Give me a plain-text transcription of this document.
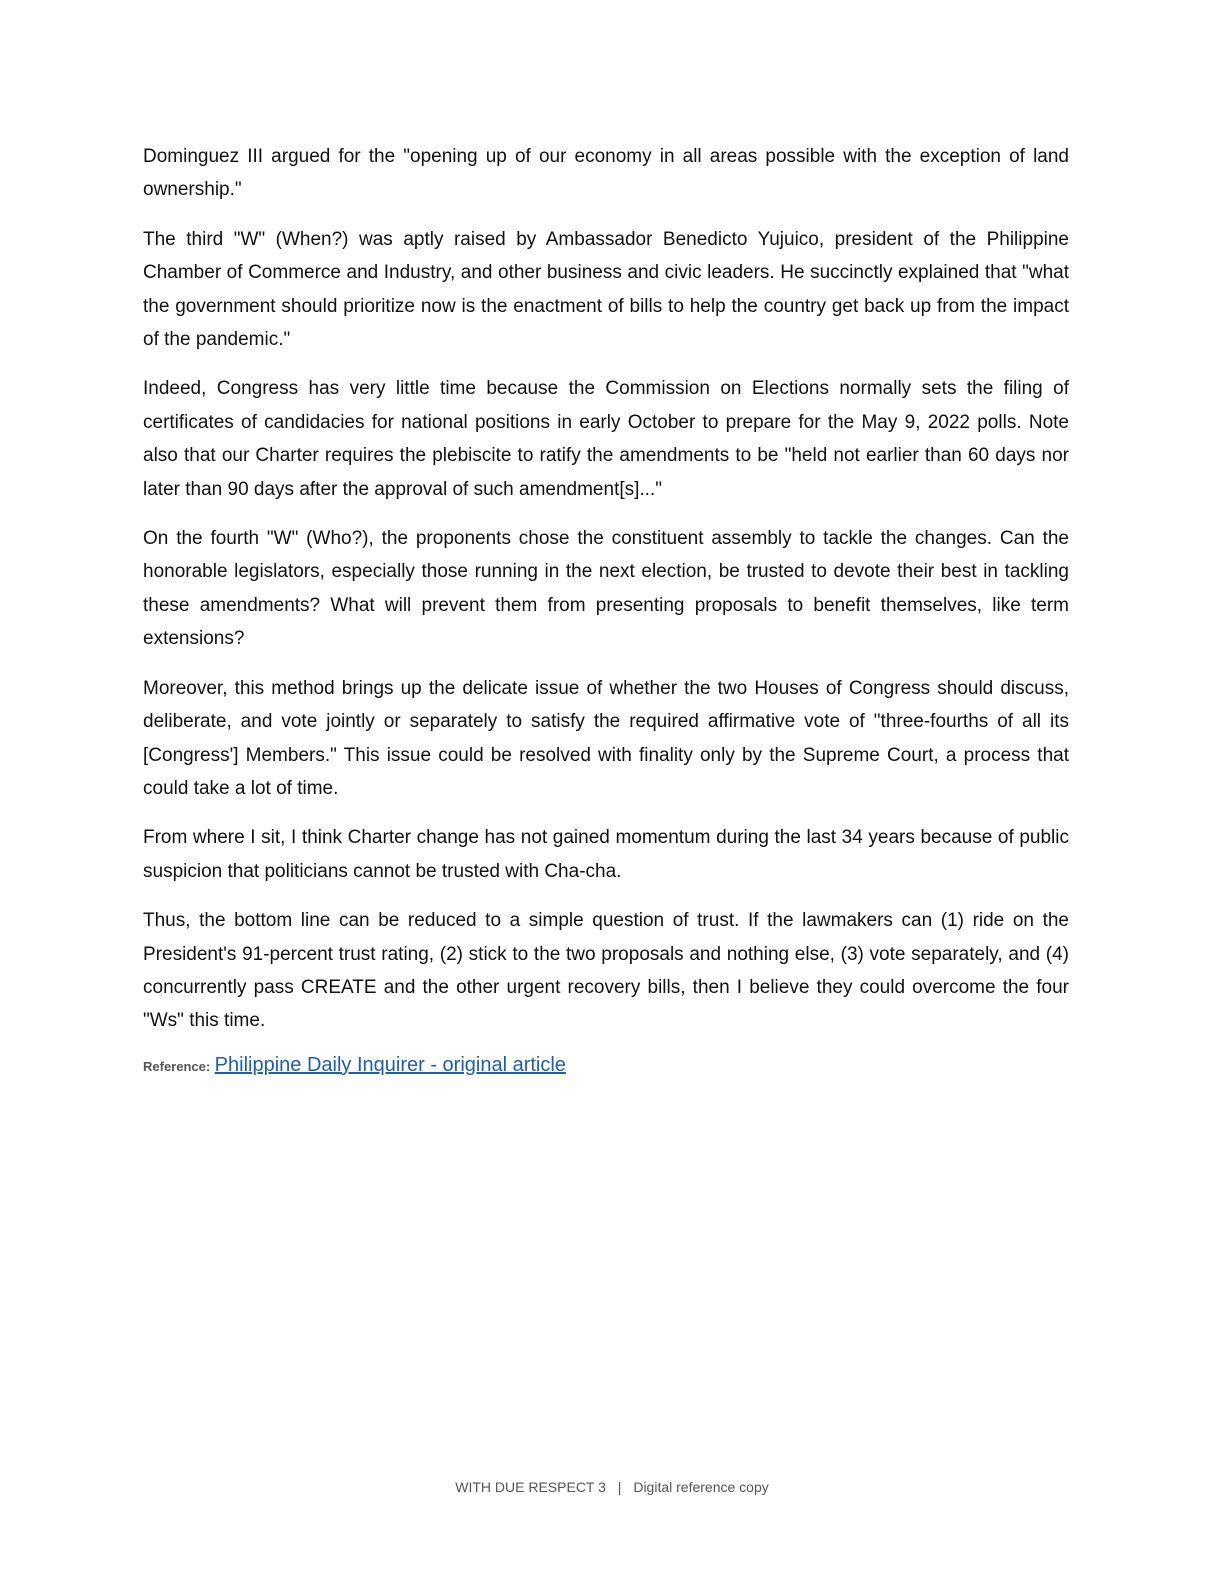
Dominguez III argued for the "opening up of our economy in all areas possible with the exception of land ownership."

The third "W" (When?) was aptly raised by Ambassador Benedicto Yujuico, president of the Philippine Chamber of Commerce and Industry, and other business and civic leaders. He succinctly explained that "what the government should prioritize now is the enactment of bills to help the country get back up from the impact of the pandemic."

Indeed, Congress has very little time because the Commission on Elections normally sets the filing of certificates of candidacies for national positions in early October to prepare for the May 9, 2022 polls. Note also that our Charter requires the plebiscite to ratify the amendments to be "held not earlier than 60 days nor later than 90 days after the approval of such amendment[s]..."

On the fourth "W" (Who?), the proponents chose the constituent assembly to tackle the changes. Can the honorable legislators, especially those running in the next election, be trusted to devote their best in tackling these amendments? What will prevent them from presenting proposals to benefit themselves, like term extensions?

Moreover, this method brings up the delicate issue of whether the two Houses of Congress should discuss, deliberate, and vote jointly or separately to satisfy the required affirmative vote of "three-fourths of all its [Congress'] Members." This issue could be resolved with finality only by the Supreme Court, a process that could take a lot of time.

From where I sit, I think Charter change has not gained momentum during the last 34 years because of public suspicion that politicians cannot be trusted with Cha-cha.

Thus, the bottom line can be reduced to a simple question of trust. If the lawmakers can (1) ride on the President's 91-percent trust rating, (2) stick to the two proposals and nothing else, (3) vote separately, and (4) concurrently pass CREATE and the other urgent recovery bills, then I believe they could overcome the four "Ws" this time.

Reference: Philippine Daily Inquirer - original article
WITH DUE RESPECT 3 | Digital reference copy
